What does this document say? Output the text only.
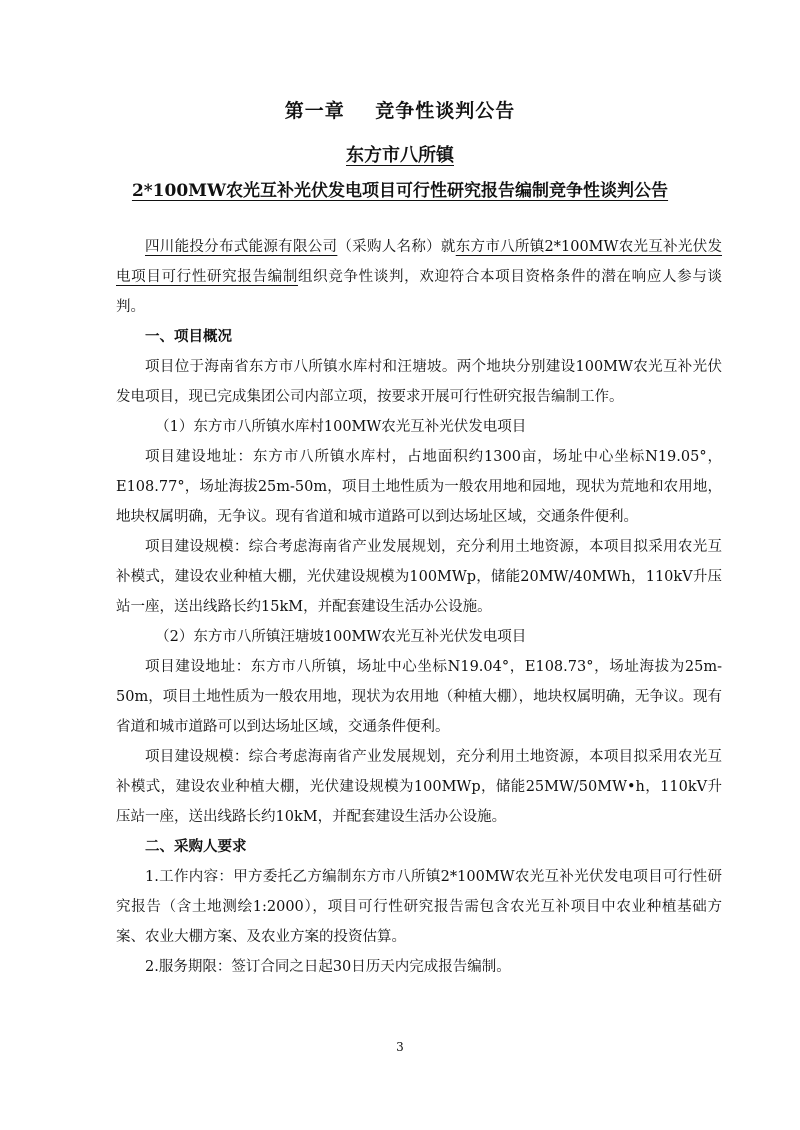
第一章    竞争性谈判公告
东方市八所镇
2*100MW农光互补光伏发电项目可行性研究报告编制竞争性谈判公告

四川能投分布式能源有限公司（采购人名称）就东方市八所镇2*100MW农光互补光伏发电项目可行性研究报告编制组织竞争性谈判，欢迎符合本项目资格条件的潜在响应人参与谈判。

一、项目概况

项目位于海南省东方市八所镇水库村和汪塘坡。两个地块分别建设100MW农光互补光伏发电项目，现已完成集团公司内部立项，按要求开展可行性研究报告编制工作。

（1）东方市八所镇水库村100MW农光互补光伏发电项目

项目建设地址：东方市八所镇水库村，占地面积约1300亩，场址中心坐标N19.05°，E108.77°，场址海拔25m-50m，项目土地性质为一般农用地和园地，现状为荒地和农用地，地块权属明确，无争议。现有省道和城市道路可以到达场址区域，交通条件便利。

项目建设规模：综合考虑海南省产业发展规划，充分利用土地资源，本项目拟采用农光互补模式，建设农业种植大棚，光伏建设规模为100MWp，储能20MW/40MWh，110kV升压站一座，送出线路长约15kM，并配套建设生活办公设施。

（2）东方市八所镇汪塘坡100MW农光互补光伏发电项目

项目建设地址：东方市八所镇，场址中心坐标N19.04°，E108.73°，场址海拔为25m-50m，项目土地性质为一般农用地，现状为农用地（种植大棚），地块权属明确，无争议。现有省道和城市道路可以到达场址区域，交通条件便利。

项目建设规模：综合考虑海南省产业发展规划，充分利用土地资源，本项目拟采用农光互补模式，建设农业种植大棚，光伏建设规模为100MWp，储能25MW/50MW•h，110kV升压站一座，送出线路长约10kM，并配套建设生活办公设施。

二、采购人要求

1.工作内容：甲方委托乙方编制东方市八所镇2*100MW农光互补光伏发电项目可行性研究报告（含土地测绘1:2000），项目可行性研究报告需包含农光互补项目中农业种植基础方案、农业大棚方案、及农业方案的投资估算。

2.服务期限：签订合同之日起30日历天内完成报告编制。

3
